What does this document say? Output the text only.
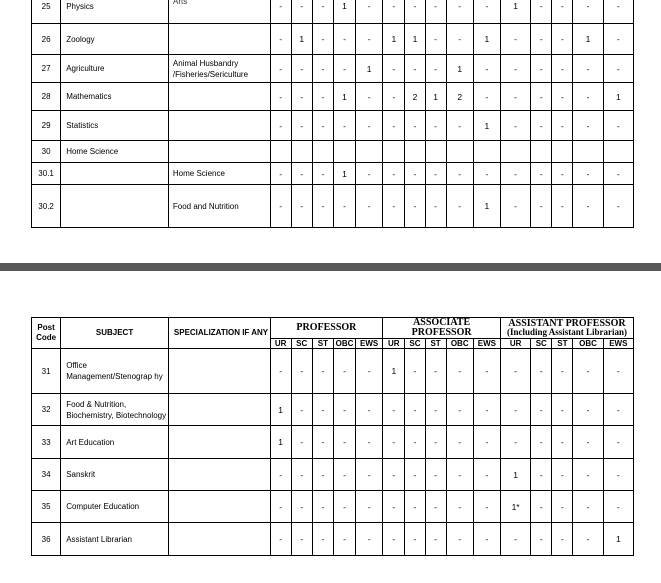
Arts
25	Physics		-	-	-	1	-	-	-	-	-	-	1	-	-	-	-
26	Zoology		-	1	-	-	-	1	1	-	-	1	-	-	-	1	-
27	Agriculture	Animal Husbandry /Fisheries/Sericulture	-	-	-	-	1	-	-	-	1	-	-	-	-	-	-
28	Mathematics		-	-	-	1	-	-	2	1	2	-	-	-	-	-	1
29	Statistics		-	-	-	-	-	-	-	-	-	1	-	-	-	-	-
30	Home Science																
30.1		Home Science	-	-	-	1	-	-	-	-	-	-	-	-	-	-	-
30.2		Food and Nutrition	-	-	-	-	-	-	-	-	-	1	-	-	-	-	-
Post Code	SUBJECT	SPECIALIZATION IF ANY	PROFESSOR					ASSOCIATE PROFESSOR					ASSISTANT PROFESSOR
(Including Assistant Librarian)				
			UR	SC	ST	OBC	EWS	UR	SC	ST	OBC	EWS	UR	SC	ST	OBC	EWS
31	Office Management/Stenograp hy		-	-	-	-	-	1	-	-	-	-	-	-	-	-	-
32	Food & Nutrition, Biochemistry, Biotechnology		1	-	-	-	-	-	-	-	-	-	-	-	-	-	-
33	Art Education		1	-	-	-	-	-	-	-	-	-	-	-	-	-	-
34	Sanskrit		-	-	-	-	-	-	-	-	-	-	1	-	-	-	-
35	Computer Education		-	-	-	-	-	-	-	-	-	-	1*	-	-	-	-
36	Assistant Librarian		-	-	-	-	-	-	-	-	-	-	-	-	-	-	1
